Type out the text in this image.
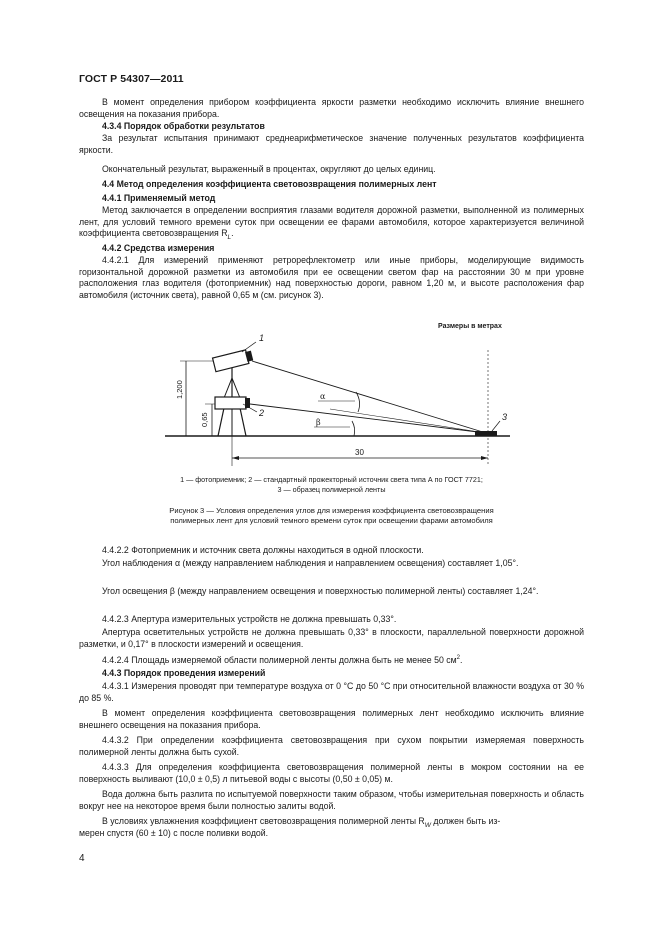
ГОСТ Р 54307—2011

В момент определения прибором коэффициента яркости разметки необходимо исключить влияние внешнего освещения на показания прибора.

4.3.4 Порядок обработки результатов

За результат испытания принимают среднеарифметическое значение полученных результатов коэффициента яркости.

Окончательный результат, выраженный в процентах, округляют до целых единиц.

4.4 Метод определения коэффициента световозвращения полимерных лент

4.4.1 Применяемый метод

Метод заключается в определении восприятия глазами водителя дорожной разметки, выполненной из полимерных лент, для условий темного времени суток при освещении ее фарами автомобиля, которое характеризуется величиной коэффициента световозвращения $R_L$.

4.4.2 Средства измерения

4.4.2.1 Для измерений применяют ретрорефлектометр или иные приборы, моделирующие видимость горизонтальной дорожной разметки из автомобиля при ее освещении светом фар на расстоянии 30 м при уровне расположения глаз водителя (фотоприемник) над поверхностью дороги, равном 1,20 м, и высоте расположения фар автомобиля (источник света), равной 0,65 м (см. рисунок 3).

Размеры в метрах
1,200
0,65
α
β
30
1
2	3
1 — фотоприемник; 2 — стандартный прожекторный источник света типа А по ГОСТ 7721;
3 — образец полимерной ленты
Рисунок 3 — Условия определения углов для измерения коэффициента световозвращения
полимерных лент для условий темного времени суток при освещении фарами автомобиля

4.4.2.2 Фотоприемник и источник света должны находиться в одной плоскости.

Угол наблюдения α (между направлением наблюдения и направлением освещения) составляет 1,05°.

Угол освещения β (между направлением освещения и поверхностью полимерной ленты) составляет 1,24°.

4.4.2.3 Апертура измерительных устройств не должна превышать 0,33°.

Апертура осветительных устройств не должна превышать 0,33° в плоскости, параллельной поверхности дорожной разметки, и 0,17° в плоскости измерений и освещения.

4.4.2.4 Площадь измеряемой области полимерной ленты должна быть не менее 50 $см^2$.

4.4.3 Порядок проведения измерений

4.4.3.1 Измерения проводят при температуре воздуха от 0 °С до 50 °С при относительной влажности воздуха от 30 % до 85 %.

В момент определения коэффициента световозвращения полимерных лент необходимо исключить влияние внешнего освещения на показания прибора.

4.4.3.2 При определении коэффициента световозвращения при сухом покрытии измеряемая поверхность полимерной ленты должна быть сухой.

4.4.3.3 Для определения коэффициента световозвращения полимерной ленты в мокром состоянии на ее поверхность выливают (10,0 ± 0,5) л питьевой воды с высоты (0,50 ± 0,05) м.

Вода должна быть разлита по испытуемой поверхности таким образом, чтобы измерительная поверхность и область вокруг нее на некоторое время были полностью залиты водой.

В условиях увлажнения коэффициент световозвращения полимерной ленты $R_W$ должен быть из-

мерен спустя (60 ± 10) с после поливки водой.

4
